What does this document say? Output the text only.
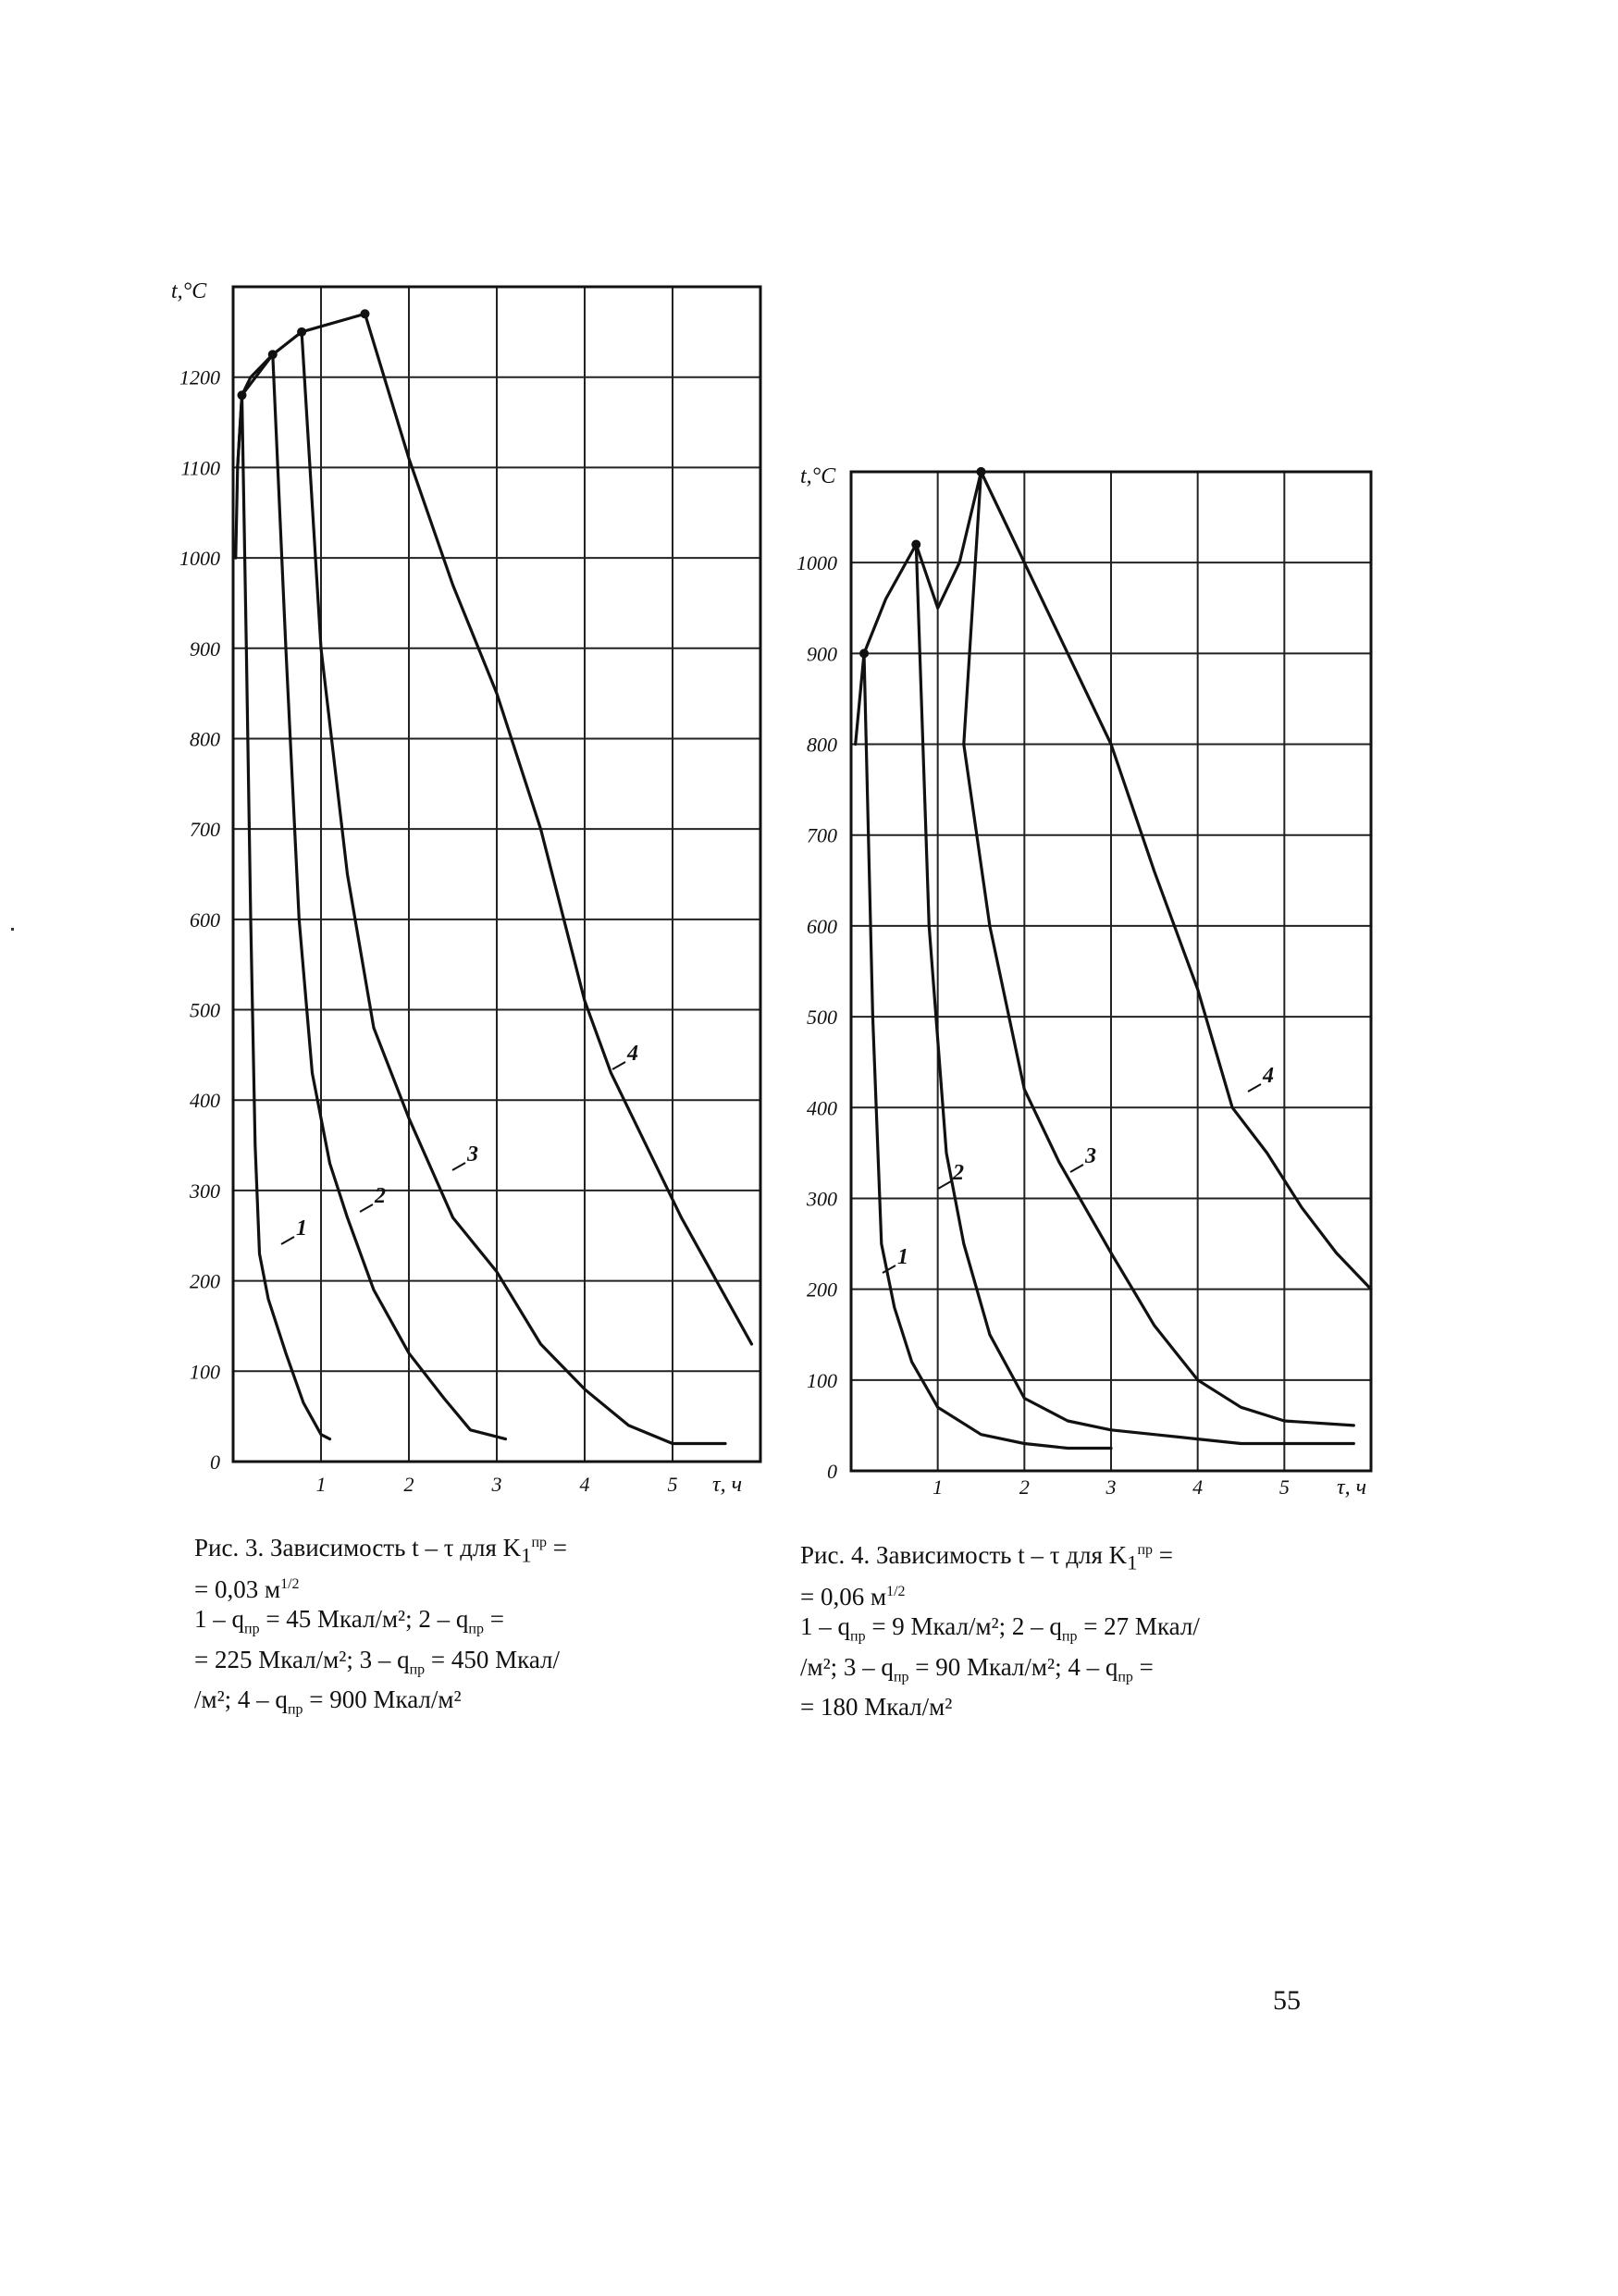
0
100
200
300
400
500
600
700
800
900
1000
1100
1200
1	2	3	4	5
t,°C
τ, ч
1
2
3
4
0
100
200
300
400
500
600
700
800
900
1000
1	2	3	4	5
t,°C
τ, ч
1
2
3
4
Рис. 3. Зависимость t – τ для $K_1^{пр}$ =
= 0,03 $м^{1/2}$
$1 - q_{пр} = 45$ Мкал/м²; $2 - q_{пр}$ =
= 225 Мкал/м²; $3 - q_{пр} = 450$ Мкал/
/м²; $4 - q_{пр} = 900$ Мкал/м²
Рис. 4. Зависимость t – τ для $K_1^{пр}$ =
= 0,06 $м^{1/2}$
$1 - q_{пр} = 9$ Мкал/м²; $2 - q_{пр} = 27$ Мкал/
/м²; $3 - q_{пр} = 90$ Мкал/м²; $4 - q_{пр}$ =
= 180 Мкал/м²
55
